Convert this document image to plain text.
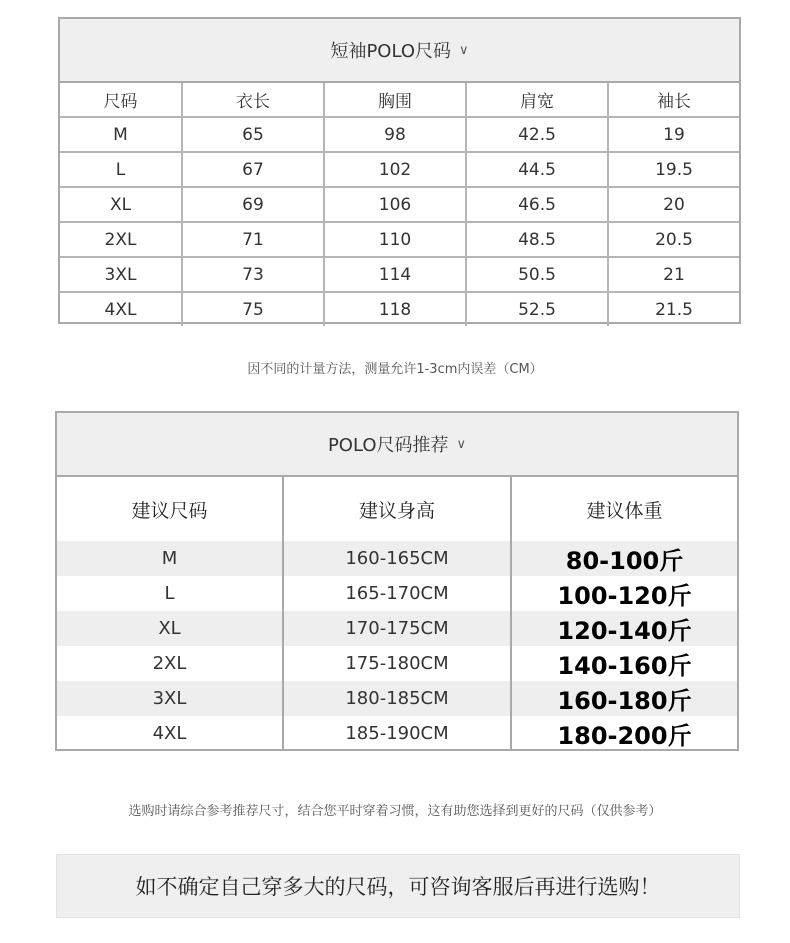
短袖POLO尺码 ∨
尺码	衣长	胸围	肩宽	袖长
M	65	98	42.5	19
L	67	102	44.5	19.5
XL	69	106	46.5	20
2XL	71	110	48.5	20.5
3XL	73	114	50.5	21
4XL	75	118	52.5	21.5
因不同的计量方法，测量允许1-3cm内误差（CM）
POLO尺码推荐 ∨
建议尺码	建议身高	建议体重
M	160-165CM	80-100斤
L	165-170CM	100-120斤
XL	170-175CM	120-140斤
2XL	175-180CM	140-160斤
3XL	180-185CM	160-180斤
4XL	185-190CM	180-200斤
选购时请综合参考推荐尺寸，结合您平时穿着习惯，这有助您选择到更好的尺码（仅供参考）
如不确定自己穿多大的尺码，可咨询客服后再进行选购！
